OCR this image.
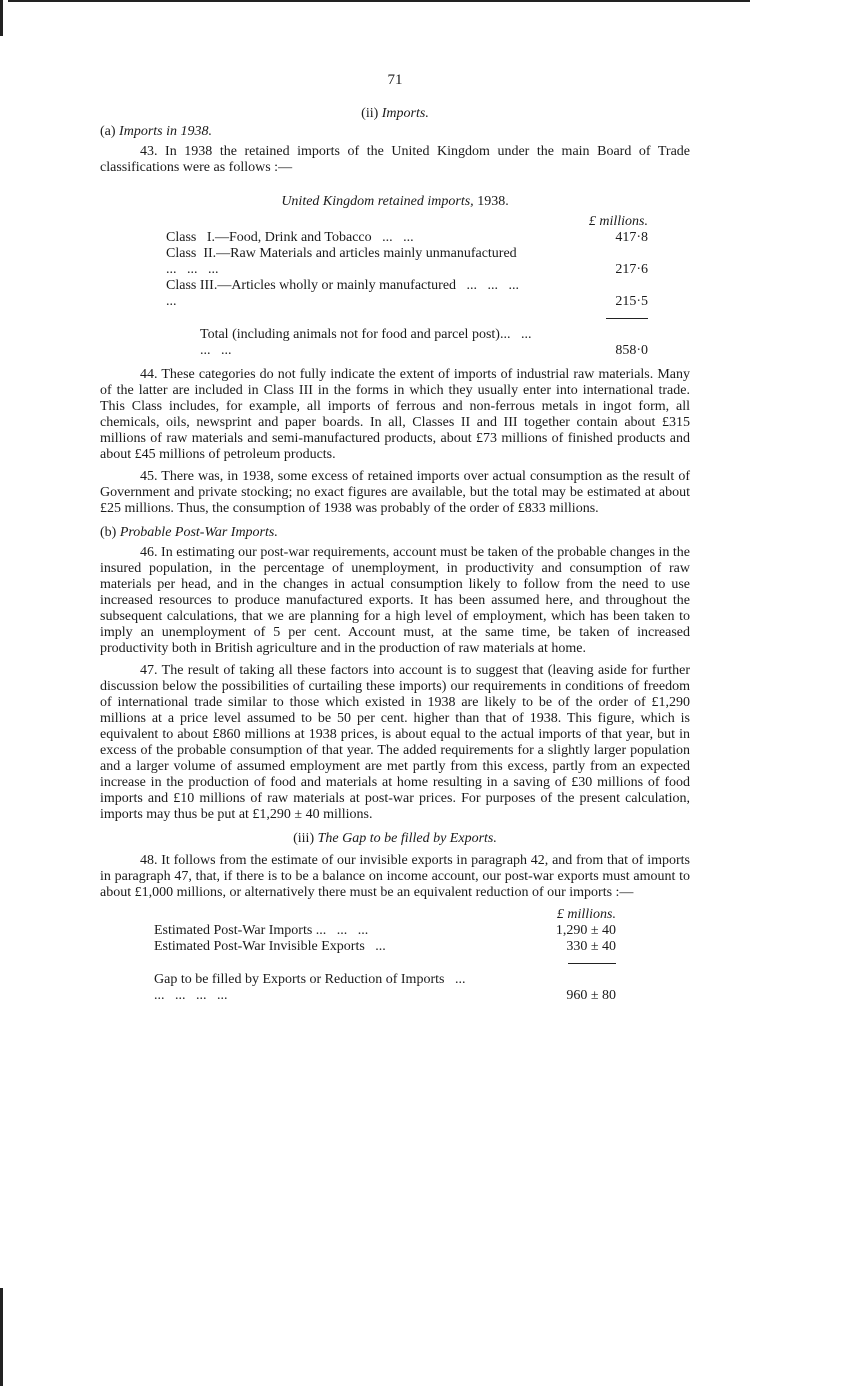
71
(ii) Imports.
(a) Imports in 1938.

43. In 1938 the retained imports of the United Kingdom under the main Board of Trade classifications were as follows :—

United Kingdom retained imports, 1938.
	£ millions.
Class   I.—Food, Drink and Tobacco   ...   ...	417·8
Class  II.—Raw Materials and articles mainly unmanufactured   ...   ...   ...	217·6
Class III.—Articles wholly or mainly manufactured   ...   ...   ...   ...	215·5

Total (including animals not for food and parcel post)...   ...   ...   ...	858·0

44. These categories do not fully indicate the extent of imports of industrial raw materials. Many of the latter are included in Class III in the forms in which they usually enter into international trade. This Class includes, for example, all imports of ferrous and non-ferrous metals in ingot form, all chemicals, oils, newsprint and paper boards. In all, Classes II and III together contain about £315 millions of raw materials and semi-manufactured products, about £73 millions of finished products and about £45 millions of petroleum products.

45. There was, in 1938, some excess of retained imports over actual consumption as the result of Government and private stocking; no exact figures are available, but the total may be estimated at about £25 millions. Thus, the consumption of 1938 was probably of the order of £833 millions.

(b) Probable Post-War Imports.

46. In estimating our post-war requirements, account must be taken of the probable changes in the insured population, in the percentage of unemployment, in productivity and consumption of raw materials per head, and in the changes in actual consumption likely to follow from the need to use increased resources to produce manufactured exports. It has been assumed here, and throughout the subsequent calculations, that we are planning for a high level of employment, which has been taken to imply an unemployment of 5 per cent. Account must, at the same time, be taken of increased productivity both in British agriculture and in the production of raw materials at home.

47. The result of taking all these factors into account is to suggest that (leaving aside for further discussion below the possibilities of curtailing these imports) our requirements in conditions of freedom of international trade similar to those which existed in 1938 are likely to be of the order of £1,290 millions at a price level assumed to be 50 per cent. higher than that of 1938. This figure, which is equivalent to about £860 millions at 1938 prices, is about equal to the actual imports of that year, but in excess of the probable consumption of that year. The added requirements for a slightly larger population and a larger volume of assumed employment are met partly from this excess, partly from an expected increase in the production of food and materials at home resulting in a saving of £30 millions of food imports and £10 millions of raw materials at post-war prices. For purposes of the present calculation, imports may thus be put at £1,290 ± 40 millions.

(iii) The Gap to be filled by Exports.

48. It follows from the estimate of our invisible exports in paragraph 42, and from that of imports in paragraph 47, that, if there is to be a balance on income account, our post-war exports must amount to about £1,000 millions, or alternatively there must be an equivalent reduction of our imports :—

	£ millions.
Estimated Post-War Imports ...   ...   ...	1,290 ± 40
Estimated Post-War Invisible Exports   ...	330 ± 40

Gap to be filled by Exports or Reduction of Imports   ...   ...   ...   ...   ...	960 ± 80
